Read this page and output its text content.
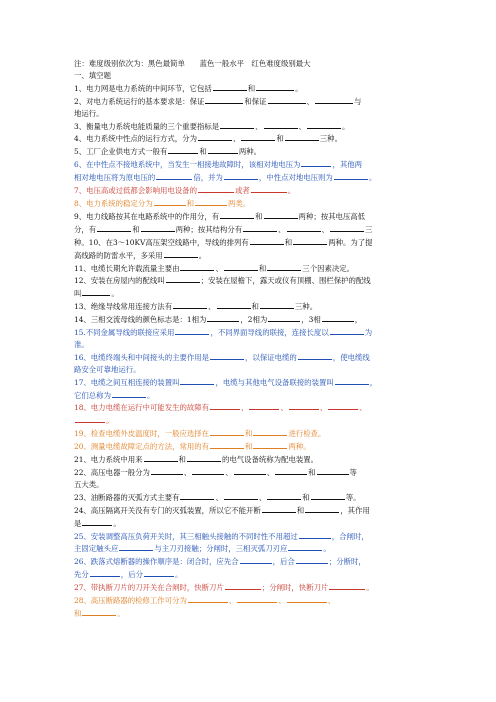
注：难度级别依次为：黑色最简单　　蓝色一般水平　红色难度级别最大
一、填空题
1、电力网是电力系统的中间环节，它包括	和	。
2、对电力系统运行的基本要求是：保证	和保证	、	与
地运行。
3、衡量电力系统电能质量的三个重要指标是	、	、	。
4、电力系统中性点的运行方式，分为	、	和	三种。
5、工厂企业供电方式一般有	和	两种。
6、在中性点不接地系统中，当发生一相接地故障时，该相对地电压为	，其他两
相对地电压将为原电压的	倍，并为	，中性点对地电压则为	。
7、电压高或过低都会影响用电设备的	或者	。
8、电力系统的稳定分为	和	两类。
9、电力线路按其在电路系统中的作用分，有	和	两种；按其电压高低
分，有	和	两种；按其结构分有	、	、	三
种。10、在3～10KV高压架空线路中，导线的排列有	和	两种。为了提
高线路的防雷水平，多采用	。
11、电缆长期允许载流量主要由	、	和	三个因素决定。
12、安装在房屋内的配线叫	；安装在屋檐下，露天或仪有顶棚、围栏保护的配线
叫	。
13、绝缘导线常用连接方法有	、	和	三种。
14、三相交流母线的颜色标志是：1相为	，2相为	，3相	，
15.不同金属导线的联接应采用	，不同界面导线的联接，连接长度以	为
准。
16、电缆终端头和中间接头的主要作用是	，以保证电缆的	，使电缆线
路安全可靠地运行。
17、电缆之间互相连接的装置叫	，电缆与其他电气设备联接的装置叫	，
它们总称为	。
18、电力电缆在运行中可能发生的故障有	、	、	、	、
。
19、检查电缆外皮温度时，一般应选择在	和	进行检查。
20、测量电缆故障定点的方法，常用的有	和	两种。
21、电力系统中用来	和	的电气设备统称为配电装置。
22、高压电器一般分为	、	、	、	和	等
五大类。
23、油断路器的灭弧方式主要有	、	、	和	等。
24、高压隔离开关没有专门的灭弧装置，所以它不能开断	和	，其作用
是	。
25、安装调整高压负荷开关时，其三相触头接触的不同时性不用超过	，合闸时，
主固定触头应	与主刀刃接触；分闸时，三相灭弧刀刃应	。
26、跌落式熔断器的操作顺序是：闭合时，应先合	，后合	；分断时，
先分	，后分	。
27、带执断刀片的刀开关在合闸时，快断刀片	；分闸时，快断刀片	。
28、高压断路器的检修工作可分为	、	、	、
和	。
